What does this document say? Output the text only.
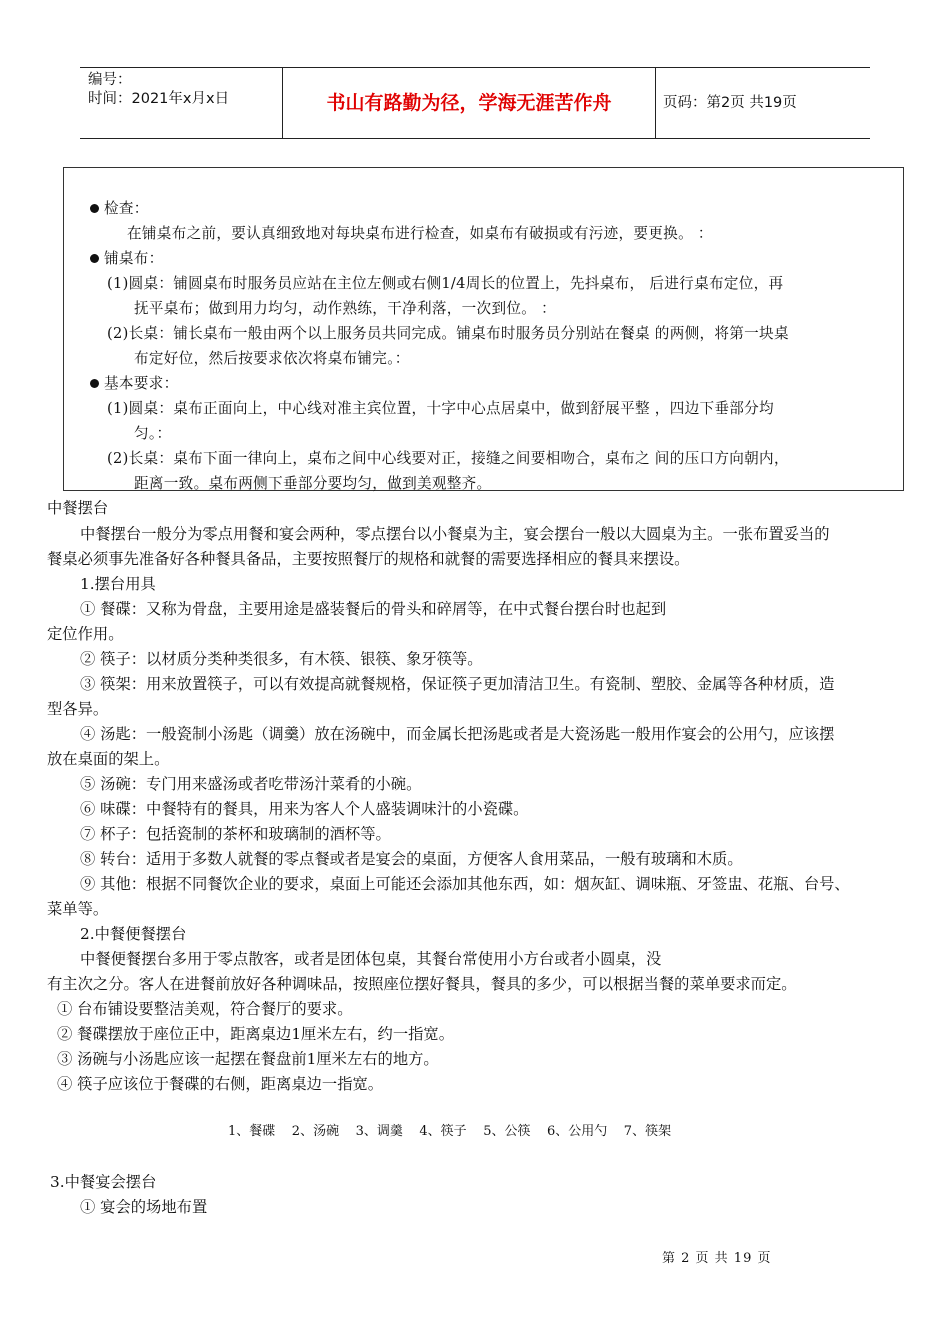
编号：
时间：2021年x月x日	书山有路勤为径，学海无涯苦作舟	页码：第2页 共19页
检查：
在铺桌布之前，要认真细致地对每块桌布进行检查，如桌布有破损或有污迹，要更换。 ：
铺桌布：
(1)圆桌：铺圆桌布时服务员应站在主位左侧或右侧1/4周长的位置上，先抖桌布， 后进行桌布定位，再
抚平桌布；做到用力均匀，动作熟练，干净利落，一次到位。 ：
(2)长桌：铺长桌布一般由两个以上服务员共同完成。铺桌布时服务员分别站在餐桌 的两侧，将第一块桌
布定好位，然后按要求依次将桌布铺完。：
基本要求：
(1)圆桌：桌布正面向上，中心线对准主宾位置，十字中心点居桌中，做到舒展平整 ，四边下垂部分均
匀。：
(2)长桌：桌布下面一律向上，桌布之间中心线要对正，接缝之间要相吻合，桌布之 间的压口方向朝内，
距离一致。桌布两侧下垂部分要均匀，做到美观整齐。
中餐摆台
中餐摆台一般分为零点用餐和宴会两种，零点摆台以小餐桌为主，宴会摆台一般以大圆桌为主。一张布置妥当的
餐桌必须事先准备好各种餐具备品，主要按照餐厅的规格和就餐的需要选择相应的餐具来摆设。
1.摆台用具
① 餐碟：又称为骨盘，主要用途是盛装餐后的骨头和碎屑等，在中式餐台摆台时也起到
定位作用。
② 筷子：以材质分类种类很多，有木筷、银筷、象牙筷等。
③ 筷架：用来放置筷子，可以有效提高就餐规格，保证筷子更加清洁卫生。有瓷制、塑胶、金属等各种材质，造
型各异。
④ 汤匙：一般瓷制小汤匙（调羹）放在汤碗中，而金属长把汤匙或者是大瓷汤匙一般用作宴会的公用勺，应该摆
放在桌面的架上。
⑤ 汤碗：专门用来盛汤或者吃带汤汁菜肴的小碗。
⑥ 味碟：中餐特有的餐具，用来为客人个人盛装调味汁的小瓷碟。
⑦ 杯子：包括瓷制的茶杯和玻璃制的酒杯等。
⑧ 转台：适用于多数人就餐的零点餐或者是宴会的桌面，方便客人食用菜品，一般有玻璃和木质。
⑨ 其他：根据不同餐饮企业的要求，桌面上可能还会添加其他东西，如：烟灰缸、调味瓶、牙签盅、花瓶、台号、
菜单等。
2.中餐便餐摆台
中餐便餐摆台多用于零点散客，或者是团体包桌，其餐台常使用小方台或者小圆桌，没
有主次之分。客人在进餐前放好各种调味品，按照座位摆好餐具，餐具的多少，可以根据当餐的菜单要求而定。
① 台布铺设要整洁美观，符合餐厅的要求。
② 餐碟摆放于座位正中，距离桌边1厘米左右，约一指宽。
③ 汤碗与小汤匙应该一起摆在餐盘前1厘米左右的地方。
④ 筷子应该位于餐碟的右侧，距离桌边一指宽。
1、餐碟    2、汤碗    3、调羹    4、筷子    5、公筷    6、公用勺    7、筷架
3.中餐宴会摆台
① 宴会的场地布置
第 2 页 共 19 页
